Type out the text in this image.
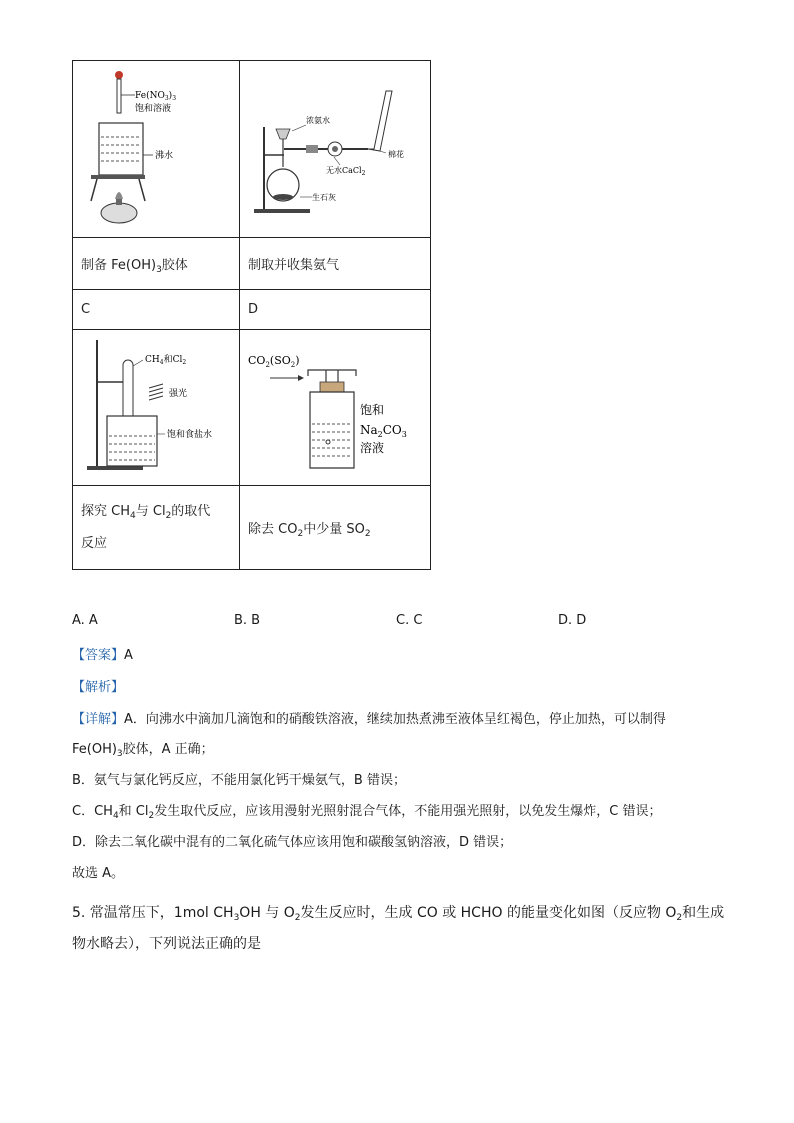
$Fe(NO_3)_3$
饱和溶液
沸水	浓氨水
生石灰
无水CaCl$_2$
棉花

制备 $Fe(OH)_3$胶体	制取并收集氨气
C	D

$CH_4$和$Cl_2$
强光
饱和食盐水	$CO_2(SO_2)$
饱和
$Na_2CO_3$
溶液

探究 $CH_4$与 $Cl_2$的取代
反应	除去 $CO_2$中少量 $SO_2$
A. A	B. B	C. C	D. D
【答案】A
【解析】
【详解】A．向沸水中滴加几滴饱和的硝酸铁溶液，继续加热煮沸至液体呈红褐色，停止加热，可以制得
$Fe(OH)_3$胶体，A 正确；
B．氨气与氯化钙反应，不能用氯化钙干燥氨气，B 错误；
C．$CH_4$和 $Cl_2$发生取代反应，应该用漫射光照射混合气体，不能用强光照射，以免发生爆炸，C 错误；
D．除去二氧化碳中混有的二氧化硫气体应该用饱和碳酸氢钠溶液，D 错误；
故选 A。
5. 常温常压下，1mol $CH_3OH$ 与 $O_2$发生反应时，生成 CO 或 HCHO 的能量变化如图（反应物 $O_2$和生成
物水略去），下列说法正确的是
